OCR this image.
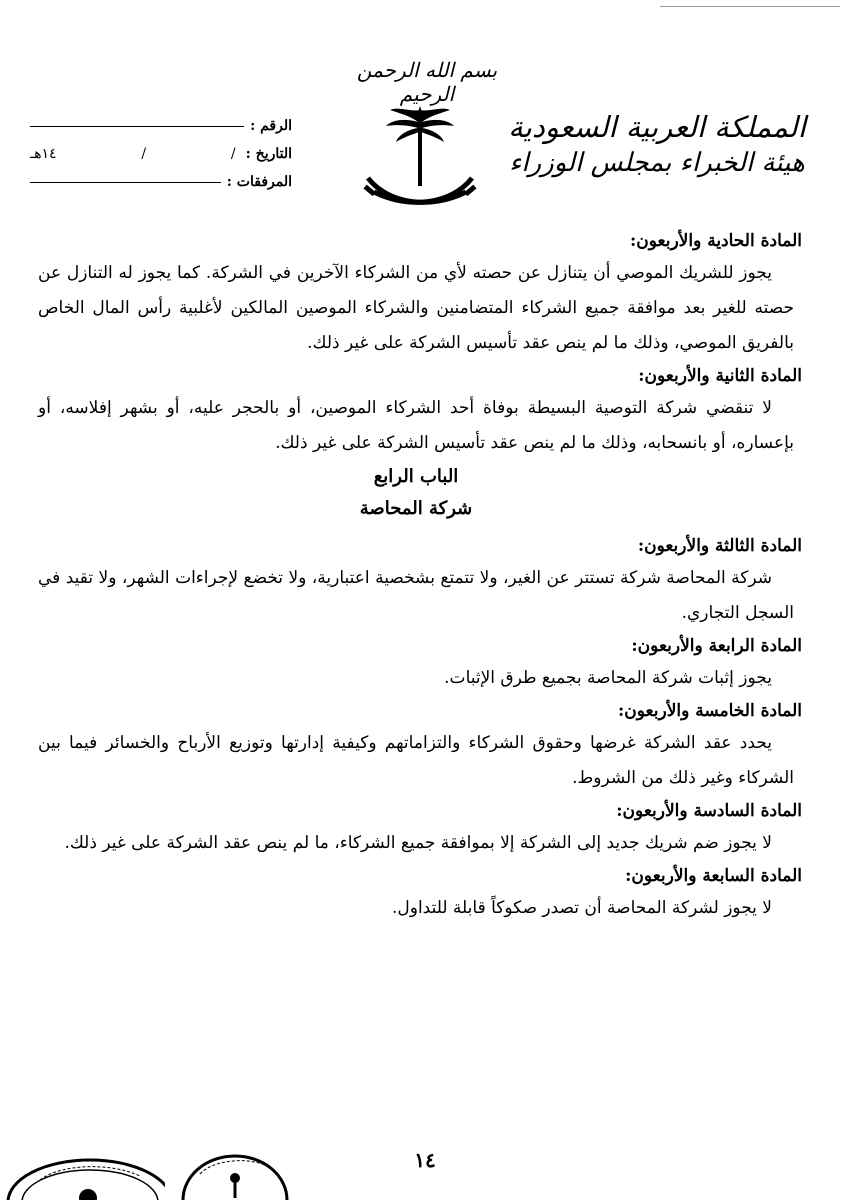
بسم الله الرحمن الرحيم
المملكة العربية السعودية
هيئة الخبراء بمجلس الوزراء
الرقم :
التاريخ :
/
/
١٤هـ
المرفقات :
المادة الحادية والأربعون:
يجوز للشريك الموصي أن يتنازل عن حصته لأي من الشركاء الآخرين في الشركة. كما يجوز له التنازل عن حصته للغير بعد موافقة جميع الشركاء المتضامنين والشركاء الموصين المالكين لأغلبية رأس المال الخاص بالفريق الموصي، وذلك ما لم ينص عقد تأسيس الشركة على غير ذلك.
المادة الثانية والأربعون:
لا تنقضي شركة التوصية البسيطة بوفاة أحد الشركاء الموصين، أو بالحجر عليه، أو بشهر إفلاسه، أو بإعساره، أو بانسحابه، وذلك ما لم ينص عقد تأسيس الشركة على غير ذلك.
الباب الرابع
شركة المحاصة
المادة الثالثة والأربعون:
شركة المحاصة شركة تستتر عن الغير، ولا تتمتع بشخصية اعتبارية، ولا تخضع لإجراءات الشهر، ولا تقيد في السجل التجاري.
المادة الرابعة والأربعون:
يجوز إثبات شركة المحاصة بجميع طرق الإثبات.
المادة الخامسة والأربعون:
يحدد عقد الشركة غرضها وحقوق الشركاء والتزاماتهم وكيفية إدارتها وتوزيع الأرباح والخسائر فيما بين الشركاء وغير ذلك من الشروط.
المادة السادسة والأربعون:
لا يجوز ضم شريك جديد إلى الشركة إلا بموافقة جميع الشركاء، ما لم ينص عقد الشركة على غير ذلك.
المادة السابعة والأربعون:
لا يجوز لشركة المحاصة أن تصدر صكوكاً قابلة للتداول.
١٤
